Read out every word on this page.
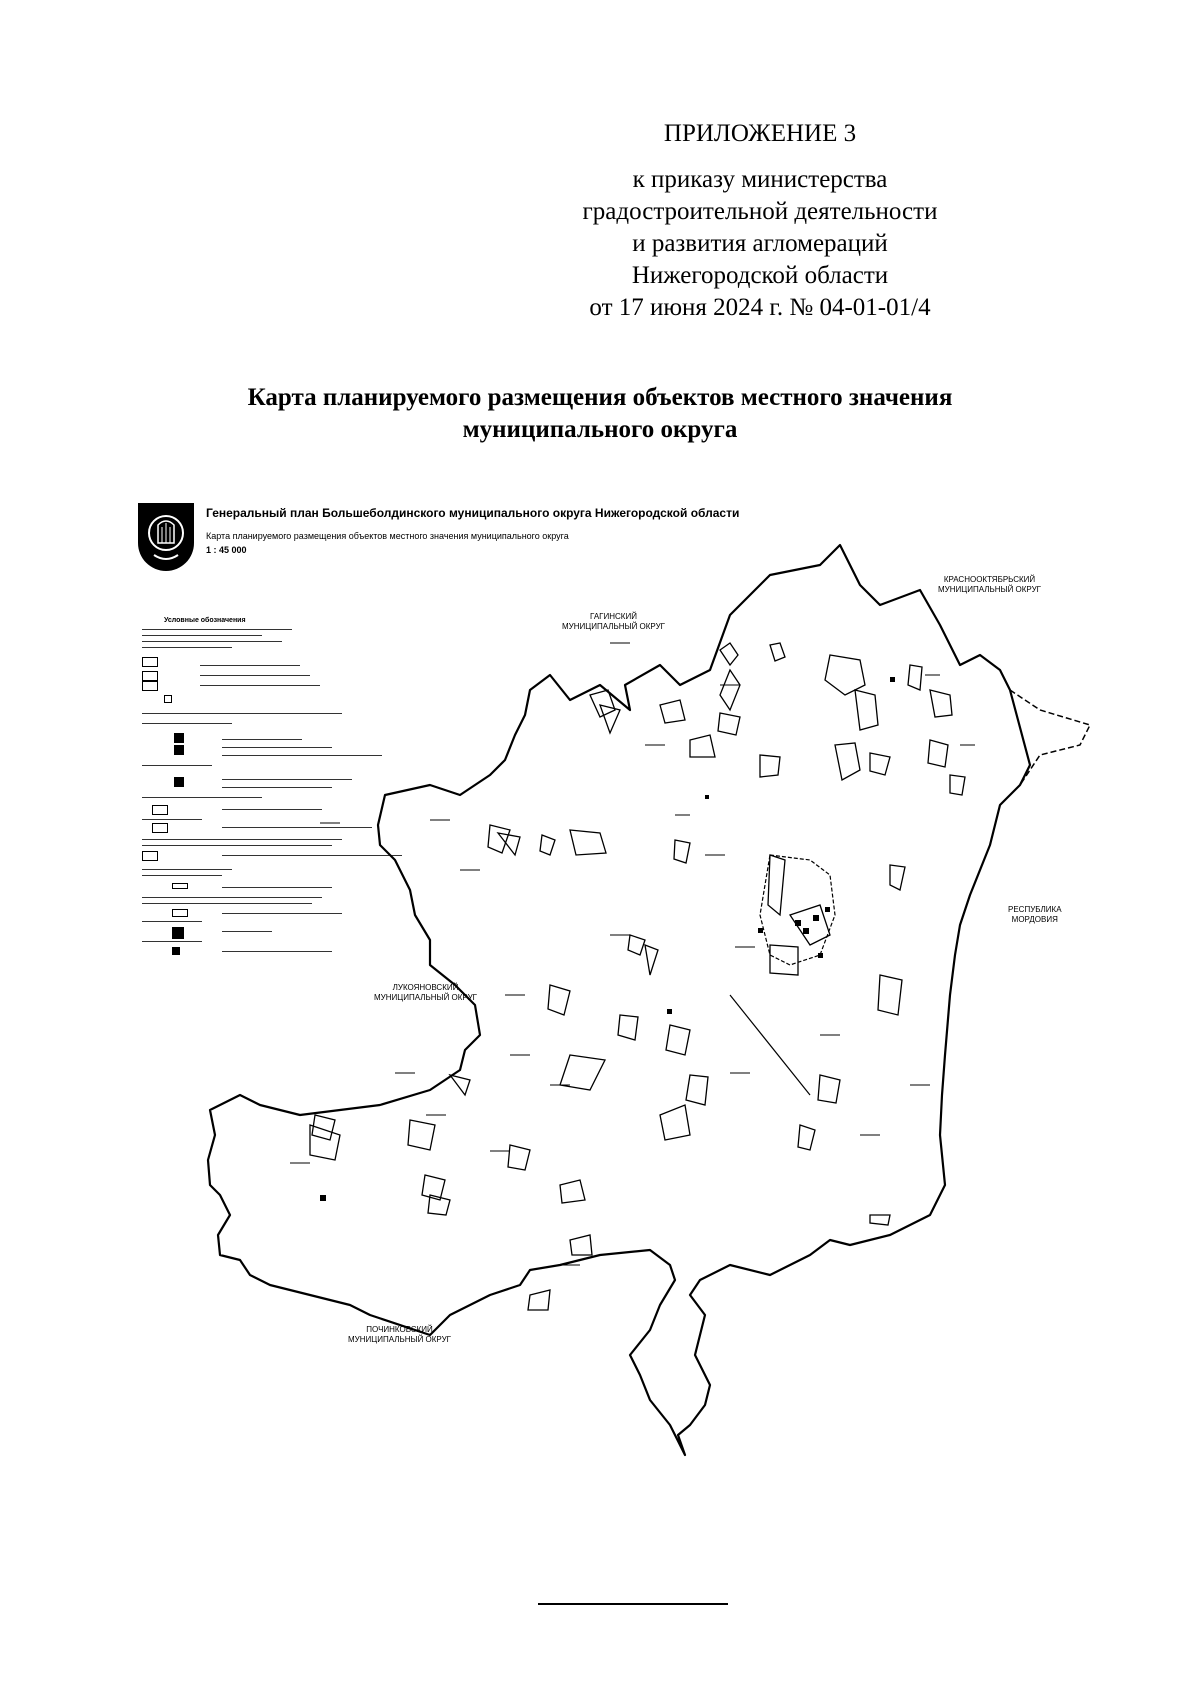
ПРИЛОЖЕНИЕ 3
к приказу министерства
градостроительной деятельности
и развития агломераций
Нижегородской области
от 17 июня 2024 г. № 04-01-01/4
Карта планируемого размещения объектов местного значения
муниципального округа
Генеральный план Большеболдинского муниципального округа Нижегородской области
Карта планируемого размещения объектов местного значения муниципального округа
1 : 45 000
Условные обозначения	ГАГИНСКИЙ
МУНИЦИПАЛЬНЫЙ ОКРУГ
КРАСНООКТЯБРЬСКИЙ
МУНИЦИПАЛЬНЫЙ ОКРУГ
РЕСПУБЛИКА
МОРДОВИЯ
ЛУКОЯНОВСКИЙ
МУНИЦИПАЛЬНЫЙ ОКРУГ
ПОЧИНКОВСКИЙ
МУНИЦИПАЛЬНЫЙ ОКРУГ
